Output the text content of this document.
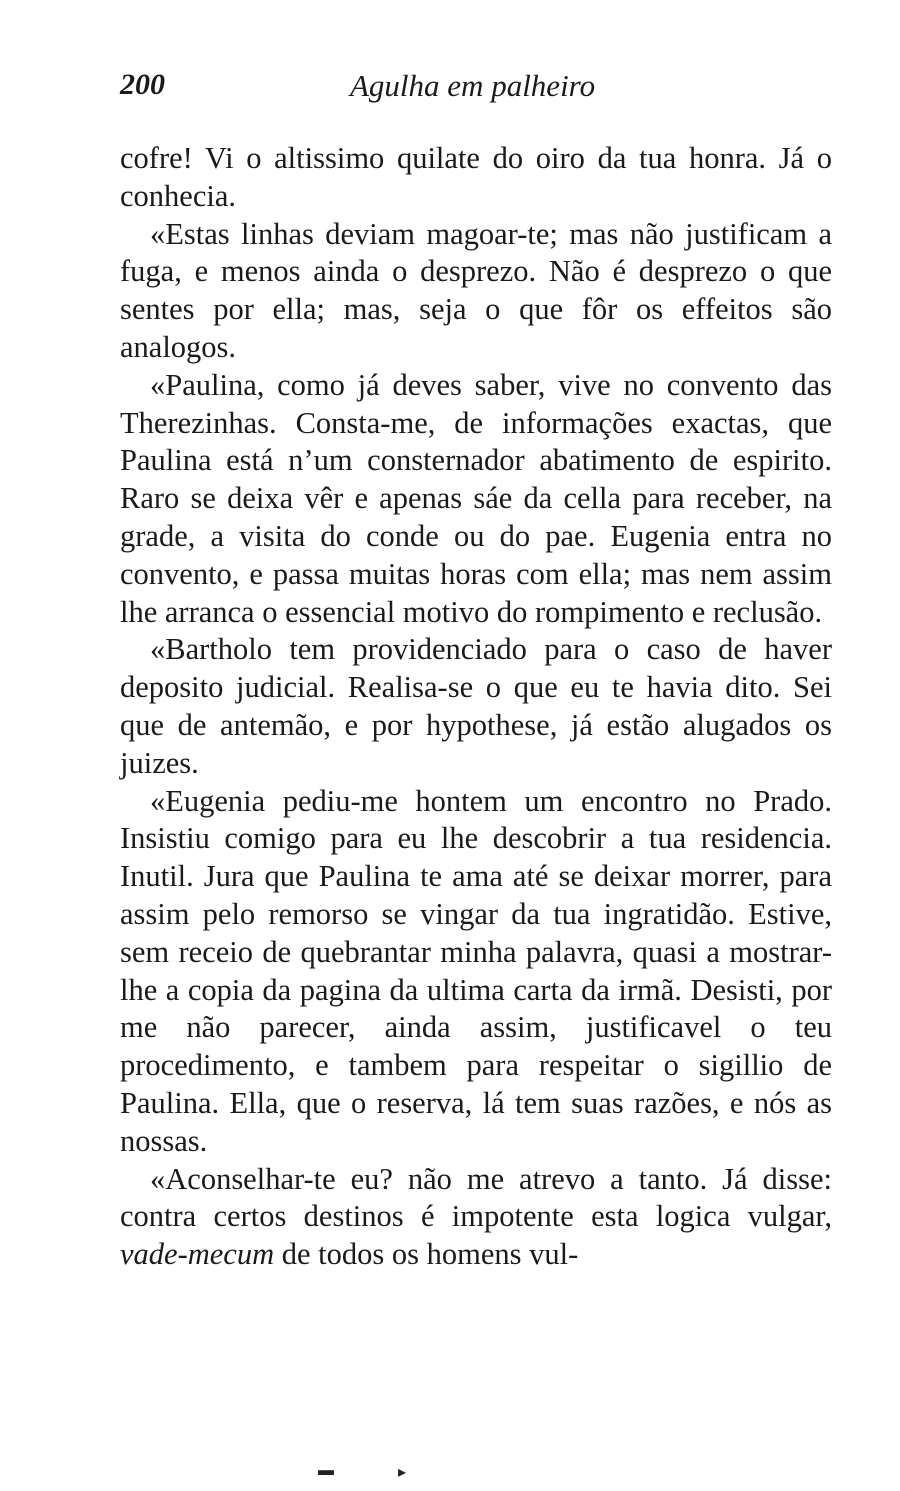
200	Agulha em palheiro

cofre! Vi o altissimo quilate do oiro da tua honra. Já o conhecia.

«Estas linhas deviam magoar-te; mas não justificam a fuga, e menos ainda o desprezo. Não é desprezo o que sentes por ella; mas, seja o que fôr os effeitos são analogos.

«Paulina, como já deves saber, vive no convento das Therezinhas. Consta-me, de informações exactas, que Paulina está n’um consternador abatimento de espirito. Raro se deixa vêr e apenas sáe da cella para receber, na grade, a visita do conde ou do pae. Eugenia entra no convento, e passa muitas horas com ella; mas nem assim lhe arranca o essencial motivo do rompimento e reclusão.

«Bartholo tem providenciado para o caso de haver deposito judicial. Realisa-se o que eu te havia dito. Sei que de antemão, e por hypothese, já estão alugados os juizes.

«Eugenia pediu-me hontem um encontro no Prado. Insistiu comigo para eu lhe descobrir a tua residencia. Inutil. Jura que Paulina te ama até se deixar morrer, para assim pelo remorso se vingar da tua ingratidão. Estive, sem receio de quebrantar minha palavra, quasi a mostrar-lhe a copia da pagina da ultima carta da irmã. Desisti, por me não parecer, ainda assim, justificavel o teu procedimento, e tambem para respeitar o sigillio de Paulina. Ella, que o reserva, lá tem suas razões, e nós as nossas.

«Aconselhar-te eu? não me atrevo a tanto. Já disse: contra certos destinos é impotente esta logica vulgar, vade-mecum de todos os homens vul-

▬	▸
